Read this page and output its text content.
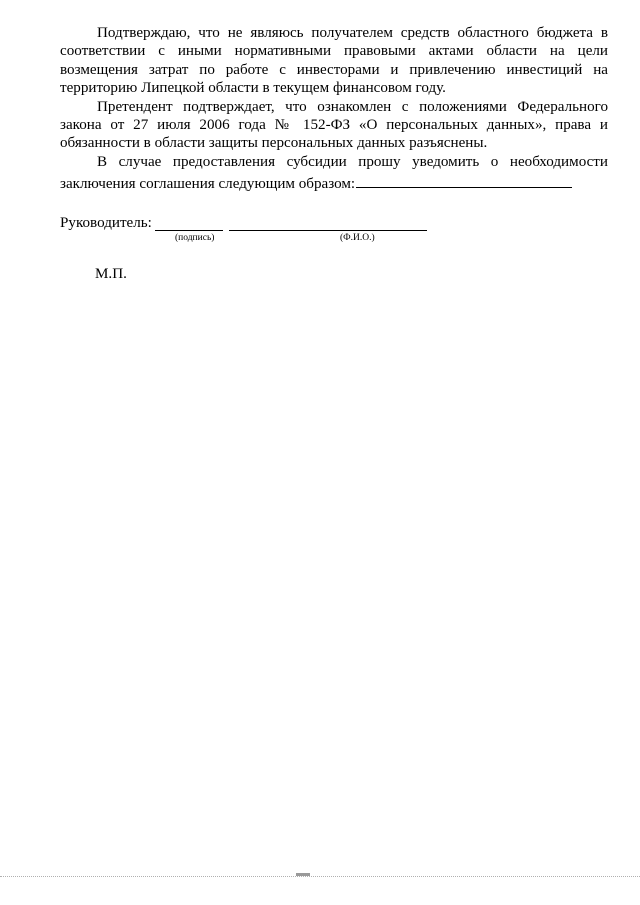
Подтверждаю, что не являюсь получателем средств областного бюджета в соответствии с иными нормативными правовыми актами области на цели возмещения затрат по работе с инвесторами и привлечению инвестиций на территорию Липецкой области в текущем финансовом году.

Претендент подтверждает, что ознакомлен с положениями Федерального закона от 27 июля 2006 года № 152-ФЗ «О персональных данных», права и обязанности в области защиты персональных данных разъяснены.

В случае предоставления субсидии прошу уведомить о необходимости заключения соглашения следующим образом:

Руководитель:
(подпись)	(Ф.И.О.)
М.П.
